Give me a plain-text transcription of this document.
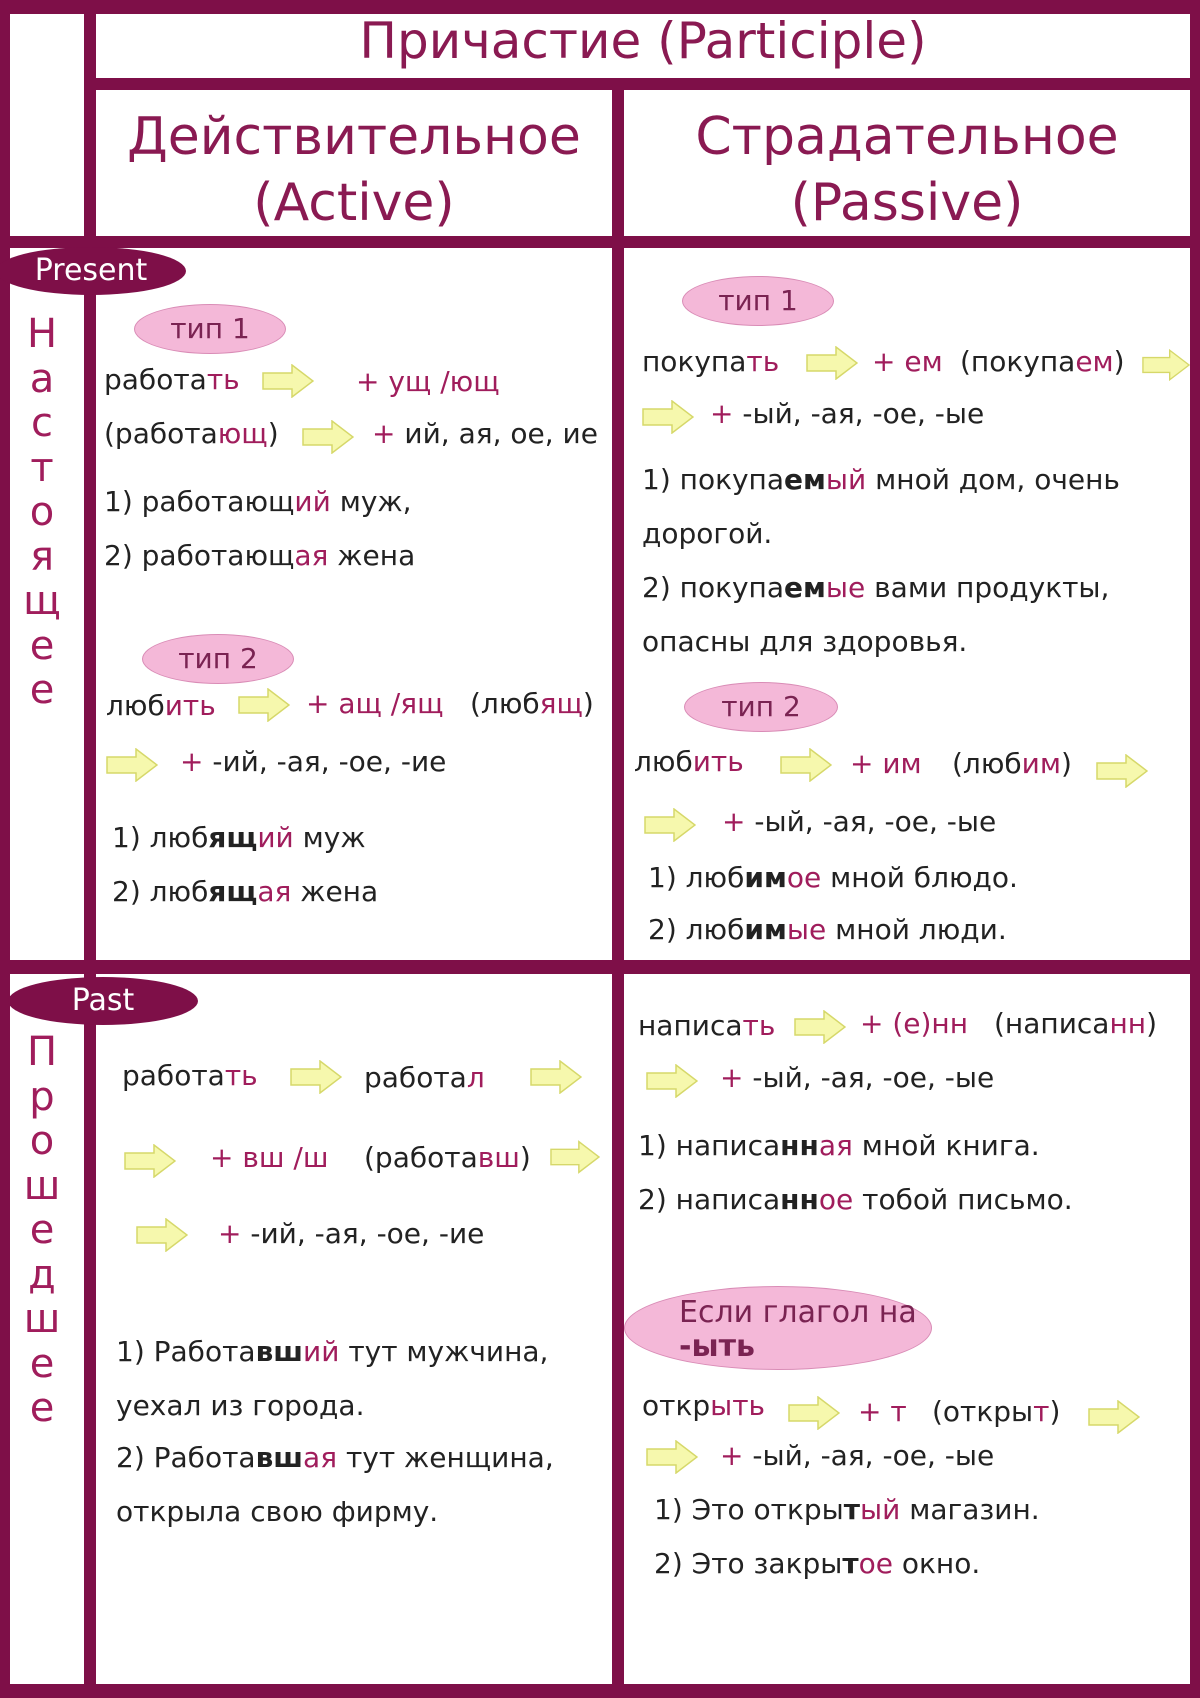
Причастие (Participle)
Действительное
(Active)
Страдательное
(Passive)
Present
Н
а
с
т
о
я
щ
е
е
Past
П
р
о
ш
е
д
ш
е
е
тип 1
работать	+ ущ /ющ
(работающ)	+ ий, ая, ое, ие
1) работающий муж,
2) работающая жена
тип 2
любить	+ ащ /ящ (любящ)
+ -ий, -ая, -ое, -ие
1) любящий муж
2) любящая жена
тип 1
покупать	+ ем (покупаем)
+ -ый, -ая, -ое, -ые
1) покупаемый мной дом, очень
дорогой.
2) покупаемые вами продукты,
опасны для здоровья.
тип 2
любить	+ им (любим)
+ -ый, -ая, -ое, -ые
1) любимое мной блюдо.
2) любимые мной люди.
работать	работал
+ вш /ш (работавш)
+ -ий, -ая, -ое, -ие
1) Работавший тут мужчина,
уехал из города.
2) Работавшая тут женщина,
открыла свою фирму.
написать	+ (е)нн (написанн)
+ -ый, -ая, -ое, -ые
1) написанная мной книга.
2) написанное тобой письмо.
Если глагол на
-ыть
открыть	+ т (открыт)
+ -ый, -ая, -ое, -ые
1) Это открытый магазин.
2) Это закрытое окно.
